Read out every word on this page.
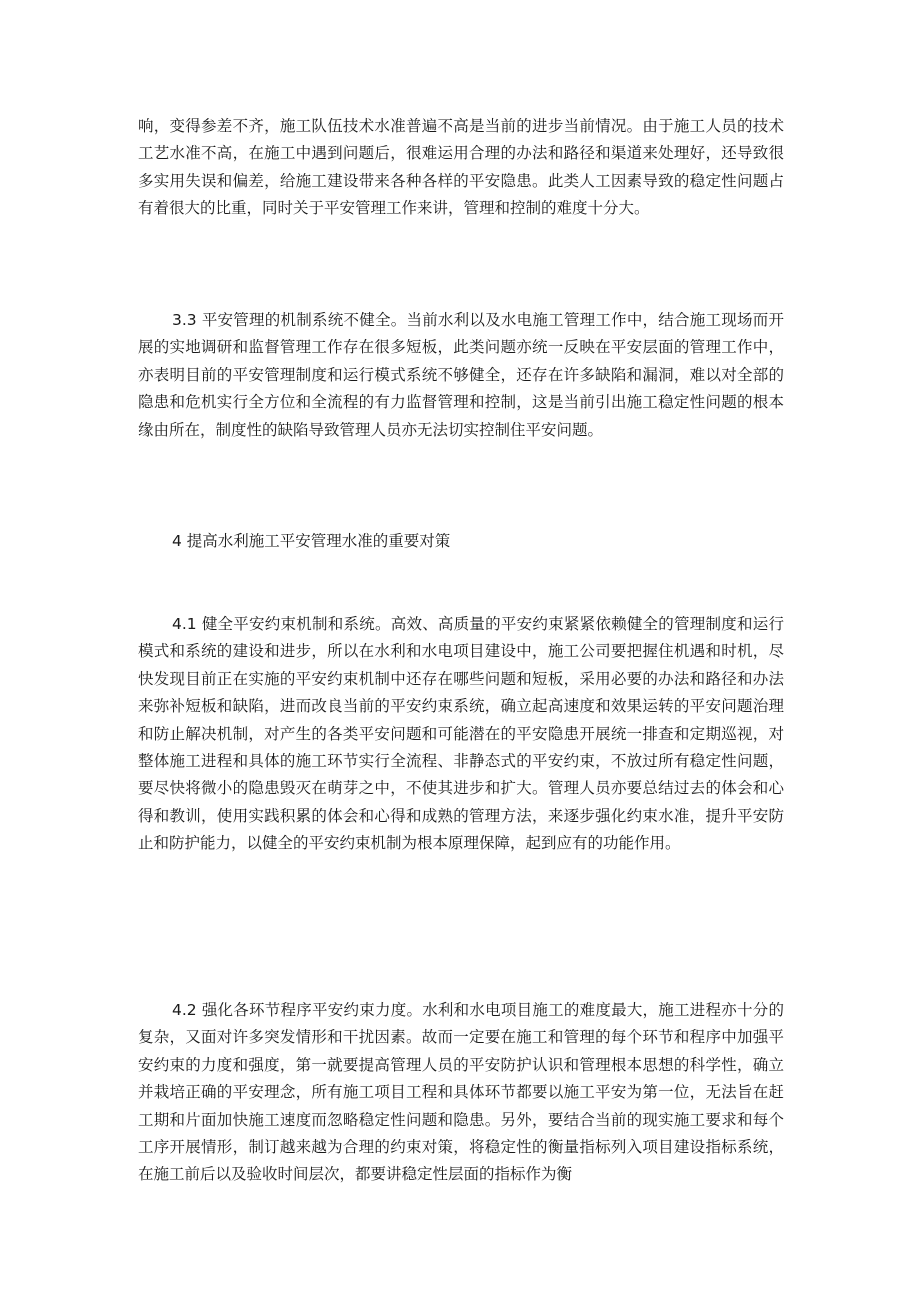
响，变得参差不齐，施工队伍技术水准普遍不高是当前的进步当前情况。由于施工人员的技术工艺水准不高，在施工中遇到问题后，很难运用合理的办法和路径和渠道来处理好，还导致很多实用失误和偏差，给施工建设带来各种各样的平安隐患。此类人工因素导致的稳定性问题占有着很大的比重，同时关于平安管理工作来讲，管理和控制的难度十分大。

3.3 平安管理的机制系统不健全。当前水利以及水电施工管理工作中，结合施工现场而开展的实地调研和监督管理工作存在很多短板，此类问题亦统一反映在平安层面的管理工作中，亦表明目前的平安管理制度和运行模式系统不够健全，还存在许多缺陷和漏洞，难以对全部的隐患和危机实行全方位和全流程的有力监督管理和控制，这是当前引出施工稳定性问题的根本缘由所在，制度性的缺陷导致管理人员亦无法切实控制住平安问题。

4 提高水利施工平安管理水准的重要对策

4.1 健全平安约束机制和系统。高效、高质量的平安约束紧紧依赖健全的管理制度和运行模式和系统的建设和进步，所以在水利和水电项目建设中，施工公司要把握住机遇和时机，尽快发现目前正在实施的平安约束机制中还存在哪些问题和短板，采用必要的办法和路径和办法来弥补短板和缺陷，进而改良当前的平安约束系统，确立起高速度和效果运转的平安问题治理和防止解决机制，对产生的各类平安问题和可能潜在的平安隐患开展统一排查和定期巡视，对整体施工进程和具体的施工环节实行全流程、非静态式的平安约束，不放过所有稳定性问题，要尽快将微小的隐患毁灭在萌芽之中，不使其进步和扩大。管理人员亦要总结过去的体会和心得和教训，使用实践积累的体会和心得和成熟的管理方法，来逐步强化约束水准，提升平安防止和防护能力，以健全的平安约束机制为根本原理保障，起到应有的功能作用。

4.2 强化各环节程序平安约束力度。水利和水电项目施工的难度最大，施工进程亦十分的复杂，又面对许多突发情形和干扰因素。故而一定要在施工和管理的每个环节和程序中加强平安约束的力度和强度，第一就要提高管理人员的平安防护认识和管理根本思想的科学性，确立并栽培正确的平安理念，所有施工项目工程和具体环节都要以施工平安为第一位，无法旨在赶工期和片面加快施工速度而忽略稳定性问题和隐患。另外，要结合当前的现实施工要求和每个工序开展情形，制订越来越为合理的约束对策，将稳定性的衡量指标列入项目建设指标系统，在施工前后以及验收时间层次，都要讲稳定性层面的指标作为衡
